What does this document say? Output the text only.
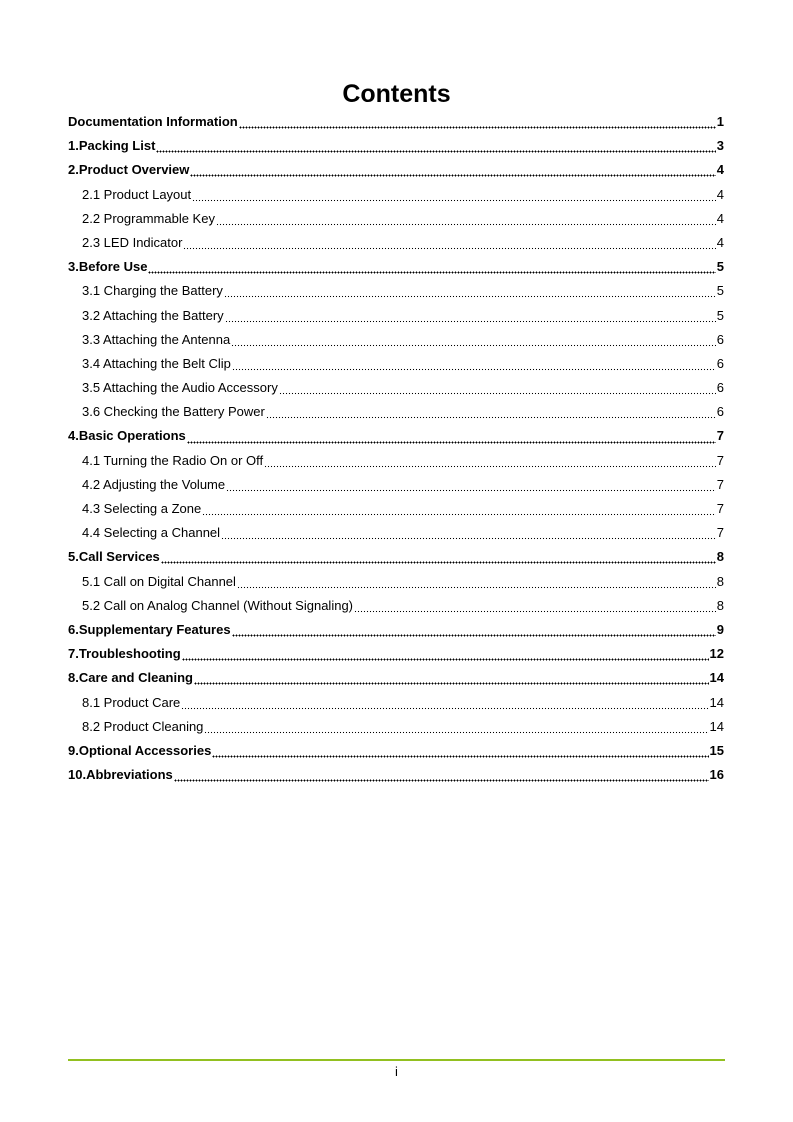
Contents
Documentation Information	1
1.Packing List	3
2.Product Overview	4
2.1 Product Layout	4
2.2 Programmable Key	4
2.3 LED Indicator	4
3.Before Use	5
3.1 Charging the Battery	5
3.2 Attaching the Battery	5
3.3 Attaching the Antenna	6
3.4 Attaching the Belt Clip	6
3.5 Attaching the Audio Accessory	6
3.6 Checking the Battery Power	6
4.Basic Operations	7
4.1 Turning the Radio On or Off	7
4.2 Adjusting the Volume	7
4.3 Selecting a Zone	7
4.4 Selecting a Channel	7
5.Call Services	8
5.1 Call on Digital Channel	8
5.2 Call on Analog Channel (Without Signaling)	8
6.Supplementary Features	9
7.Troubleshooting	12
8.Care and Cleaning	14
8.1 Product Care	14
8.2 Product Cleaning	14
9.Optional Accessories	15
10.Abbreviations	16
i
